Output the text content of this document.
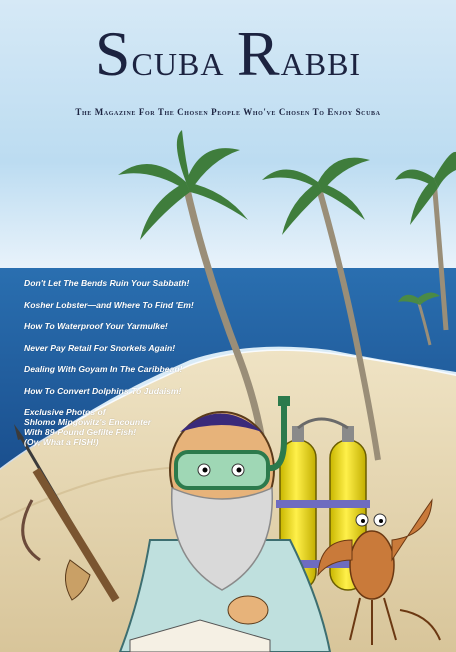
Scuba Rabbi
The Magazine For The Chosen People Who've Chosen To Enjoy Scuba

Don't Let The Bends Ruin Your Sabbath!

Kosher Lobster—and Where To Find 'Em!

How To Waterproof Your Yarmulke!

Never Pay Retail For Snorkels Again!

Dealing With Goyam In The Caribbean!

How To Convert Dolphins To Judaism!

Exclusive Photos of
Shlomo Mingowitz's Encounter
With 89-Pound Gefilte Fish!
(Oy, What a FISH!)
